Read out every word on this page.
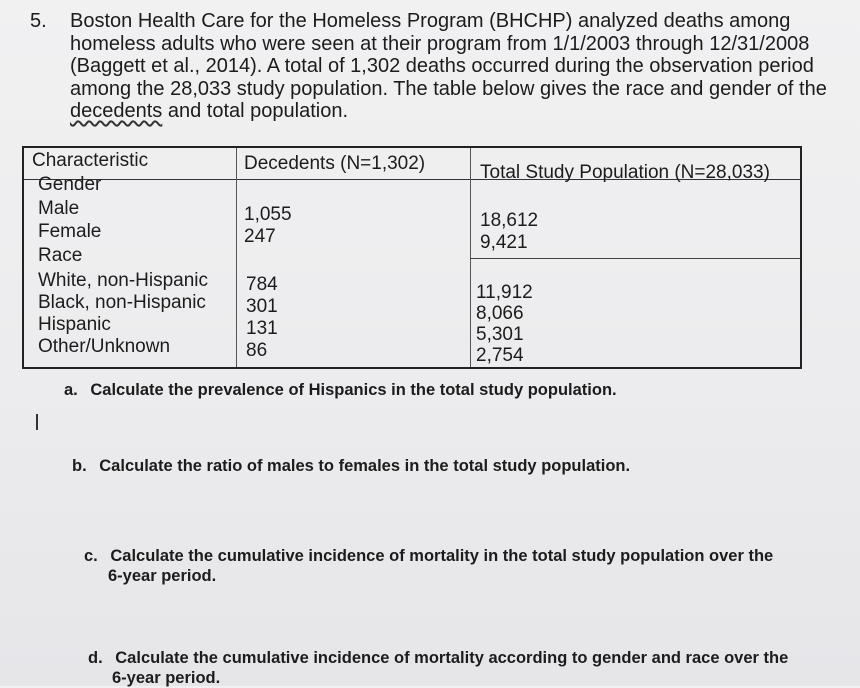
5. Boston Health Care for the Homeless Program (BHCHP) analyzed deaths among
homeless adults who were seen at their program from 1/1/2003 through 12/31/2008
(Baggett et al., 2014). A total of 1,302 deaths occurred during the observation period
among the 28,033 study population. The table below gives the race and gender of the
decedents and total population.
Characteristic	Decedents (N=1,302)	Total Study Population (N=28,033)
Gender
Male
Female
1,055
247
18,612
9,421
Race
White, non-Hispanic
Black, non-Hispanic
Hispanic
Other/Unknown
784
301
131
86
11,912
8,066
5,301
2,754
a. Calculate the prevalence of Hispanics in the total study population.
b. Calculate the ratio of males to females in the total study population.
c. Calculate the cumulative incidence of mortality in the total study population over the
6-year period.
d. Calculate the cumulative incidence of mortality according to gender and race over the
6-year period.
